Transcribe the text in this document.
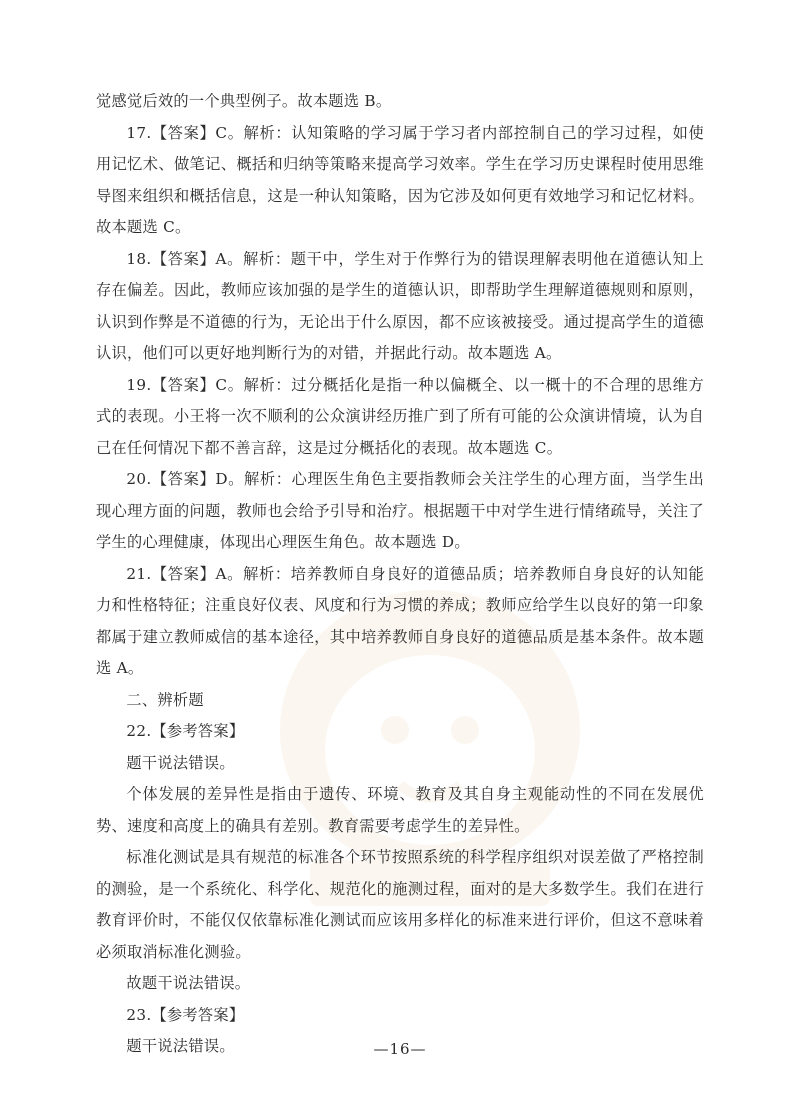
觉感觉后效的一个典型例子。故本题选 B。

17.【答案】C。解析：认知策略的学习属于学习者内部控制自己的学习过程，如使用记忆术、做笔记、概括和归纳等策略来提高学习效率。学生在学习历史课程时使用思维导图来组织和概括信息，这是一种认知策略，因为它涉及如何更有效地学习和记忆材料。故本题选 C。

18.【答案】A。解析：题干中，学生对于作弊行为的错误理解表明他在道德认知上存在偏差。因此，教师应该加强的是学生的道德认识，即帮助学生理解道德规则和原则，认识到作弊是不道德的行为，无论出于什么原因，都不应该被接受。通过提高学生的道德认识，他们可以更好地判断行为的对错，并据此行动。故本题选 A。

19.【答案】C。解析：过分概括化是指一种以偏概全、以一概十的不合理的思维方式的表现。小王将一次不顺利的公众演讲经历推广到了所有可能的公众演讲情境，认为自己在任何情况下都不善言辞，这是过分概括化的表现。故本题选 C。

20.【答案】D。解析：心理医生角色主要指教师会关注学生的心理方面，当学生出现心理方面的问题，教师也会给予引导和治疗。根据题干中对学生进行情绪疏导，关注了学生的心理健康，体现出心理医生角色。故本题选 D。

21.【答案】A。解析：培养教师自身良好的道德品质；培养教师自身良好的认知能力和性格特征；注重良好仪表、风度和行为习惯的养成；教师应给学生以良好的第一印象都属于建立教师威信的基本途径，其中培养教师自身良好的道德品质是基本条件。故本题选 A。

二、辨析题

22.【参考答案】

题干说法错误。

个体发展的差异性是指由于遗传、环境、教育及其自身主观能动性的不同在发展优势、速度和高度上的确具有差别。教育需要考虑学生的差异性。

标准化测试是具有规范的标准各个环节按照系统的科学程序组织对误差做了严格控制的测验，是一个系统化、科学化、规范化的施测过程，面对的是大多数学生。我们在进行教育评价时，不能仅仅依靠标准化测试而应该用多样化的标准来进行评价，但这不意味着必须取消标准化测验。

故题干说法错误。

23.【参考答案】

题干说法错误。	—16—
